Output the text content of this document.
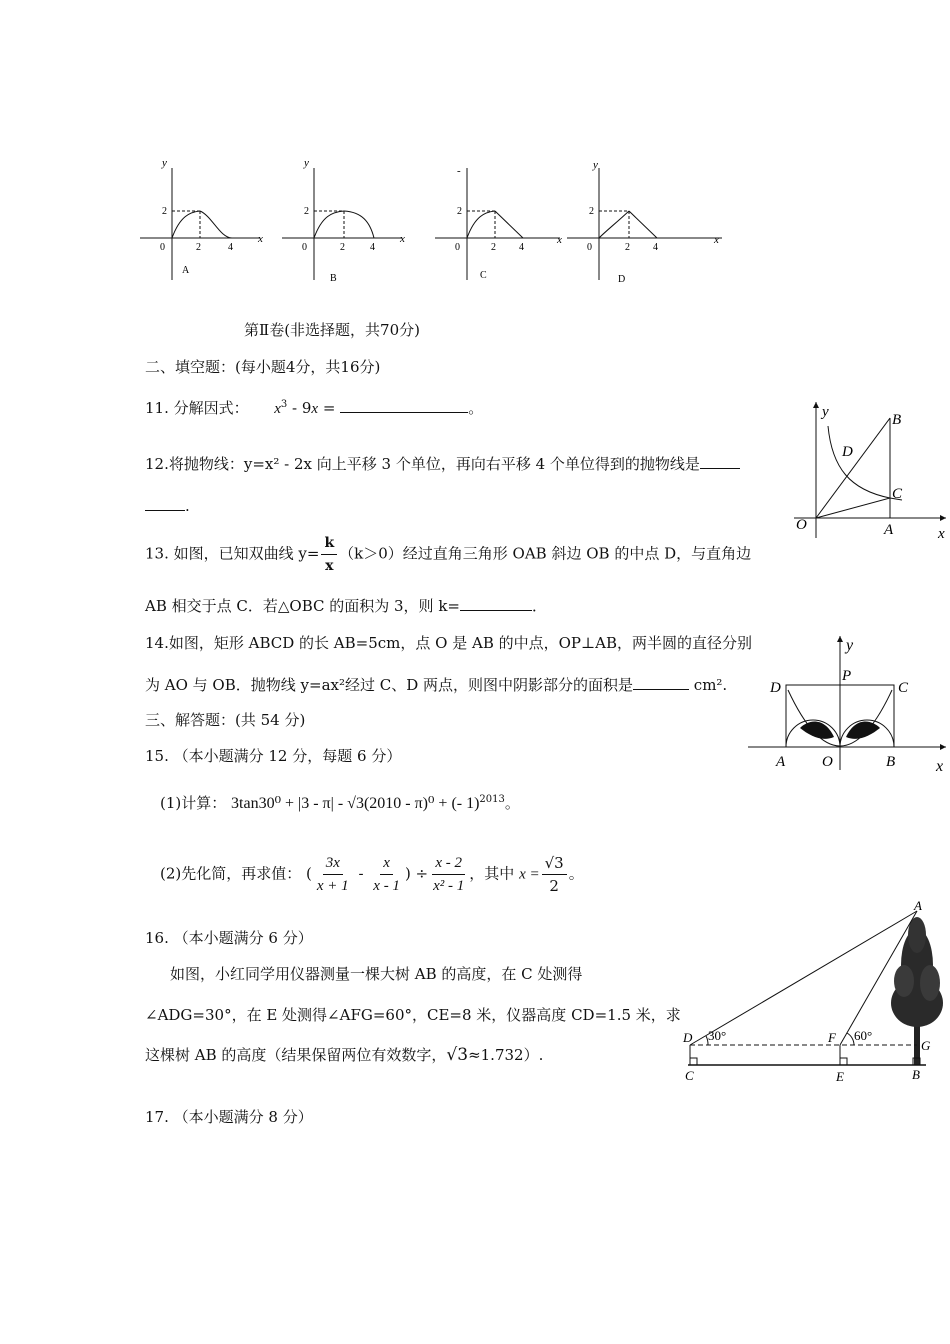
y
x
0
2
2	4
A
y
x
0
2
2	4
B
-
x
0
2
2 4
C
y
x
0
2
2 4
D
第Ⅱ卷(非选择题，共70分)
二、填空题：(每小题4分，共16分)
11. 分解因式： $x^3 - 9x$ =	。
12.将抛物线：y=x² - 2x 向上平移 3 个单位，再向右平移 4 个单位得到的抛物线是
.
13. 如图，已知双曲线 $y= \frac{k}{x} (k>0)$经过直角三角形 OAB 斜边 OB 的中点 D，与直角边
AB 相交于点 C．若△OBC 的面积为 3，则 k=	．
14.如图，矩形 ABCD 的长 AB=5cm，点 O 是 AB 的中点，OP⊥AB，两半圆的直径分别
为 AO 与 OB．抛物线 y=ax²经过 C、D 两点，则图中阴影部分的面积是	cm².
三、解答题：(共 54 分)
15. （本小题满分 12 分，每题 6 分）
(1)计算： 3tan30⁰ + |3 - π| - √3(2010 - π)⁰ + (- 1)$^{2013}$。
(2)先化简，再求值： ( $\frac{3x}{x + 1} - \frac{x}{x - 1}$ ) ÷ $\frac{x - 2}{\text{x² - 1}}$ ，其中 $x = \frac{√3}{2}$ 。
16. （本小题满分 6 分）
如图，小红同学用仪器测量一棵大树 AB 的高度，在 C 处测得
∠ADG=30°，在 E 处测得∠AFG=60°，CE=8 米，仪器高度 CD=1.5 米，求
这棵树 AB 的高度（结果保留两位有效数字，√3≈1.732）.
17. （本小题满分 8 分）
y
x
O	A
B
C
D
y
x
P
D	C
A O	B
A
D 30°	F 60°
G
C	E	B
